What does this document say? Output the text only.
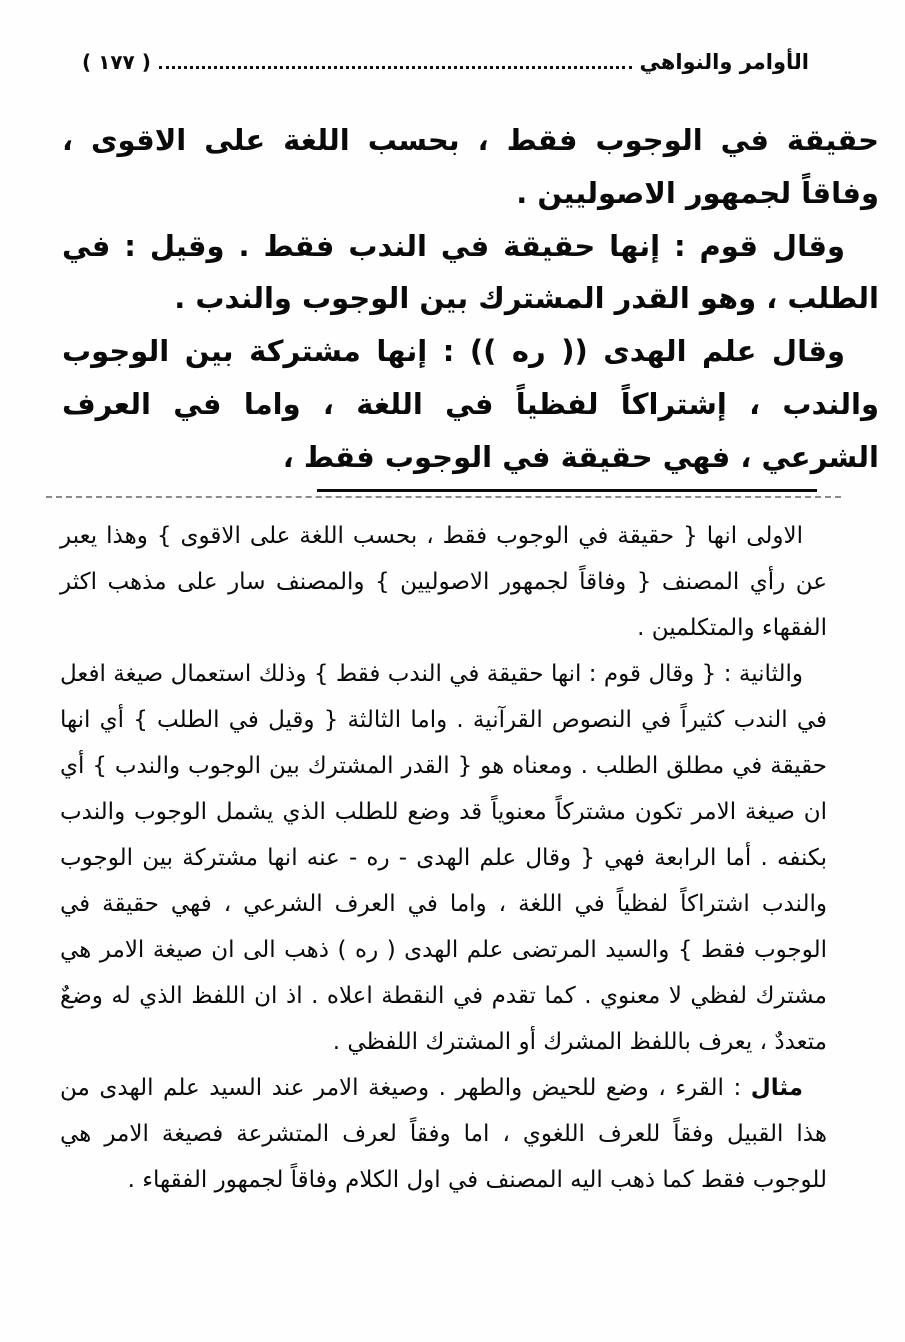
الأوامر والنواهي
( ١٧٧ )

حقيقة في الوجوب فقط ، بحسب اللغة على الاقوى ، وفاقاً لجمهور الاصوليين .

وقال قوم : إنها حقيقة في الندب فقط . وقيل : في الطلب ، وهو القدر المشترك بين الوجوب والندب .

وقال علم الهدى (( ره )) : إنها مشتركة بين الوجوب والندب ، إشتراكاً لفظياً في اللغة ، واما في العرف الشرعي ، فهي حقيقة في الوجوب فقط ،

الاولى انها { حقيقة في الوجوب فقط ، بحسب اللغة على الاقوى } وهذا يعبر عن رأي المصنف { وفاقاً لجمهور الاصوليين } والمصنف سار على مذهب اكثر الفقهاء والمتكلمين .

والثانية : { وقال قوم : انها حقيقة في الندب فقط } وذلك استعمال صيغة افعل في الندب كثيراً في النصوص القرآنية . واما الثالثة { وقيل في الطلب } أي انها حقيقة في مطلق الطلب . ومعناه هو { القدر المشترك بين الوجوب والندب } أي ان صيغة الامر تكون مشتركاً معنوياً قد وضع للطلب الذي يشمل الوجوب والندب بكنفه . أما الرابعة فهي { وقال علم الهدى - ره - عنه انها مشتركة بين الوجوب والندب اشتراكاً لفظياً في اللغة ، واما في العرف الشرعي ، فهي حقيقة في الوجوب فقط } والسيد المرتضى علم الهدى ( ره ) ذهب الى ان صيغة الامر هي مشترك لفظي لا معنوي . كما تقدم في النقطة اعلاه . اذ ان اللفظ الذي له وضعٌ متعددٌ ، يعرف باللفظ المشرك أو المشترك اللفظي .

مثال : القرء ، وضع للحيض والطهر . وصيغة الامر عند السيد علم الهدى من هذا القبيل وفقاً للعرف اللغوي ، اما وفقاً لعرف المتشرعة فصيغة الامر هي للوجوب فقط كما ذهب اليه المصنف في اول الكلام وفاقاً لجمهور الفقهاء .
